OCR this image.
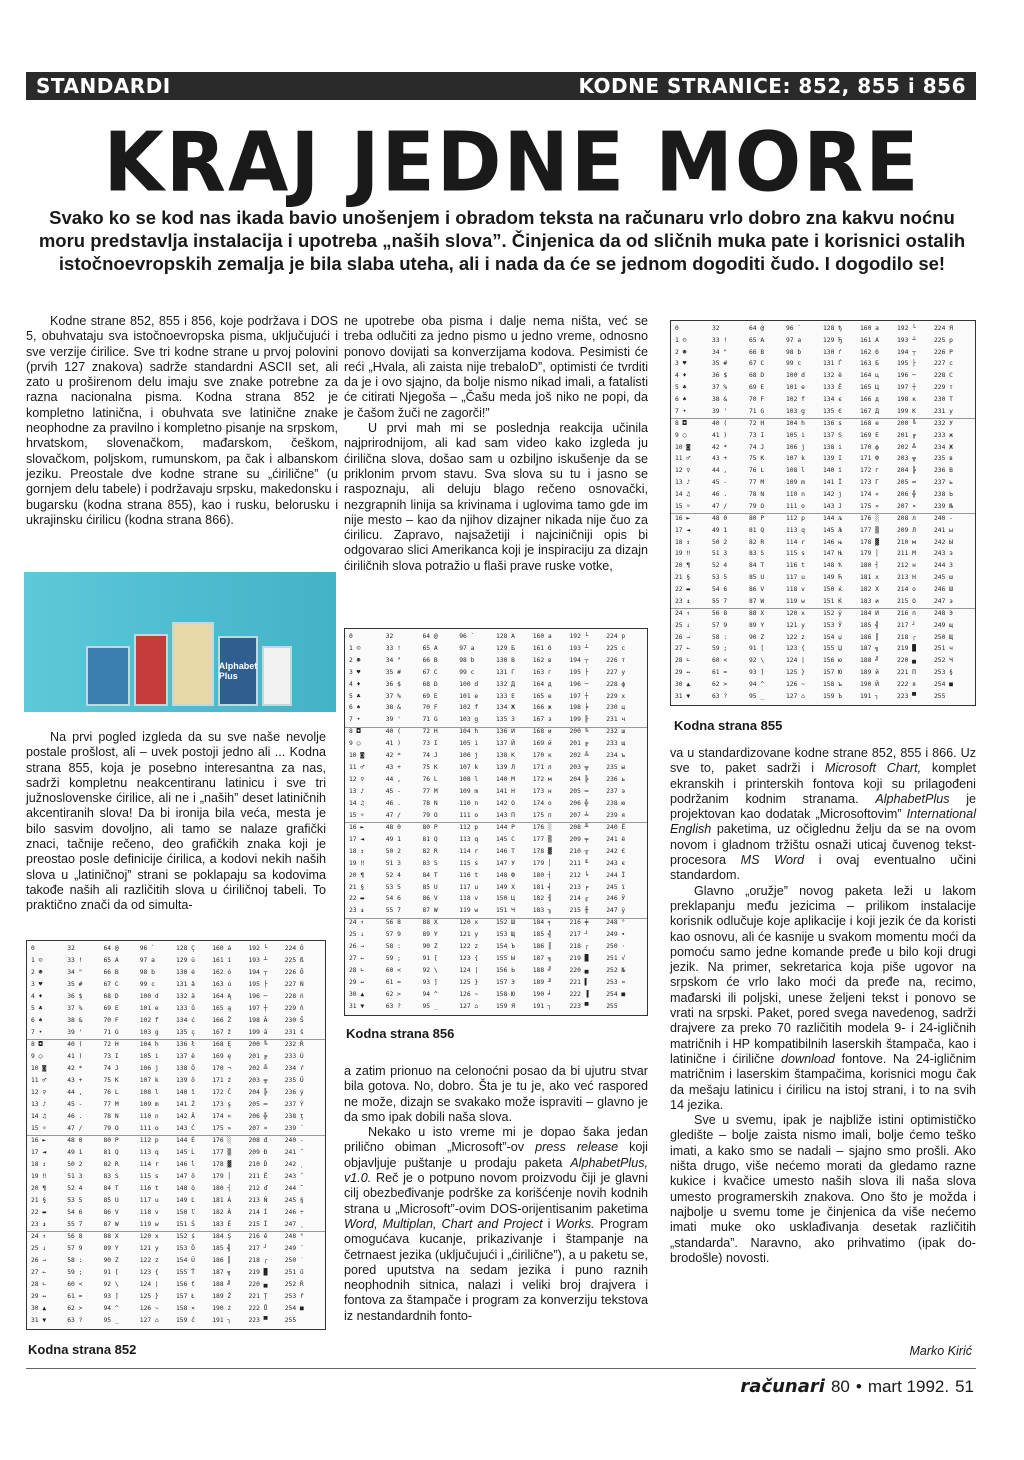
STANDARDI	KODNE STRANICE: 852, 855 i 856
KRAJ JEDNE MORE
Svako ko se kod nas ikada bavio unošenjem i obradom teksta na računaru vrlo dobro zna kakvu noćnu moru predstavlja instalacija i upotreba „naših slova”. Činjenica da od sličnih muka pate i korisnici ostalih istočnoevropskih zemalja je bila slaba uteha, ali i nada da će se jednom dogoditi čudo. I dogodilo se!

Kodne strane 852, 855 i 856, koje podržava i DOS 5, obuhvataju sva istočnoevropska pisma, uključujući i sve verzije ćirilice. Sve tri kodne strane u prvoj polovini (prvih 127 znakova) sadrže standardni ASCII set, ali zato u proširenom delu imaju sve znake potrebne za razna nacionalna pisma. Kodna strana 852 je kompletno latinična, i obuhvata sve latinične znake neophodne za pravilno i kompletno pisanje na srpskom, hrvatskom, slovenačkom, mađarskom, češkom, slovačkom, poljskom, rumunskom, pa čak i albanskom jeziku. Preostale dve kodne strane su „ćirilične” (u gornjem delu tabele) i podržavaju srpsku, makedonsku i bugarsku (kodna strana 855), kao i rusku, belorusku i ukrajinsku ćirilicu (kodna strana 866).

Alphabet Plus

Na prvi pogled izgleda da su sve naše nevolje postale prošlost, ali – uvek postoji jedno ali ... Kodna strana 855, koja je posebno interesantna za nas, sadrži kompletnu neakcentiranu latinicu i sve tri južnoslovenske ćirilice, ali ne i „naših” deset latiničnih akcentiranih slova! Da bi ironija bila veća, mesta je bilo sasvim dovoljno, ali tamo se nalaze grafički znaci, tačnije rečeno, deo grafičkih znaka koji je preostao posle definicije ćirilica, a kodovi nekih naših slova u „latiničnoj” strani se poklapaju sa kodovima takođe naših ali različitih slova u ćiriličnoj tabeli. To praktično znači da od simulta-

ne upotrebe oba pisma i dalje nema ništa, već se treba odlučiti za jedno pismo u jedno vreme, odnosno ponovo dovijati sa konverzijama kodova. Pesimisti će reći „Hvala, ali zaista nije trebaloD”, optimisti će tvrditi da je i ovo sjajno, da bolje nismo nikad imali, a fatalisti će citirati Njegoša – „Čašu meda još niko ne popi, da je čašom žuči ne zagorči!”

U prvi mah mi se poslednja reakcija učinila najprirodnijom, ali kad sam video kako izgleda ju ćirilična slova, došao sam u ozbiljno iskušenje da se priklonim prvom stavu. Sva slova su tu i jasno se raspoznaju, ali deluju blago rečeno osnovački, nezgrapnih linija sa krivinama i uglovima tamo gde im nije mesto – kao da njihov dizajner nikada nije čuo za ćirilicu. Zapravo, najsažetiji i najciničniji opis bi odgovarao slici Amerikanca koji je inspiraciju za dizajn ćiriličnih slova potražio u flaši prave ruske votke,

a zatim prionuo na celonoćni posao da bi ujutru stvar bila gotova. No, dobro. Šta je tu je, ako već raspored ne može, dizajn se svakako može ispraviti – glavno je da smo ipak dobili naša slova.

Nekako u isto vreme mi je dopao šaka jedan prilično obiman „Microsoft”-ov press release koji objavljuje puštanje u prodaju paketa AlphabetPlus, v1.0. Reč je o potpuno novom proizvodu čiji je glavni cilj obezbeđivanje podrške za korišćenje novih kodnih strana u „Microsoft”-ovim DOS-orijentisanim paketima Word, Multiplan, Chart and Project i Works. Program omogućava kucanje, prikazivanje i štampanje na četrnaest jezika (uključujući i „ćirilične”), a u paketu se, pored uputstva na sedam jezika i puno raznih neophodnih sitnica, nalazi i veliki broj drajvera i fontova za štampače i program za konverziju tekstova iz nestandardnih fonto-

va u standardizovane kodne strane 852, 855 i 866. Uz sve to, paket sadrži i Microsoft Chart, komplet ekranskih i printerskih fontova koji su prilagođeni podržanim kodnim stranama. AlphabetPlus je projektovan kao dodatak „Microsoftovim” International English paketima, uz očiglednu želju da se na ovom novom i gladnom tržištu osnaži uticaj čuvenog tekst-procesora MS Word i ovaj eventualno učini standardom.

Glavno „oružje” novog paketa leži u lakom preklapanju među jezicima – prilikom instalacije korisnik odlučuje koje aplikacije i koji jezik će da koristi kao osnovu, ali će kasnije u svakom momentu moći da pomoću samo jedne komande pređe u bilo koji drugi jezik. Na primer, sekretarica koja piše ugovor na srpskom će vrlo lako moći da pređe na, recimo, mađarski ili poljski, unese željeni tekst i ponovo se vrati na srpski. Paket, pored svega navedenog, sadrži drajvere za preko 70 različitih modela 9- i 24-igličnih matričnih i HP kompatibilnih laserskih štampača, kao i latinične i ćirilične download fontove. Na 24-igličnim matričnim i laserskim štampačima, korisnici mogu čak da mešaju latinicu i ćirilicu na istoj strani, i to na svih 14 jezika.

Sve u svemu, ipak je najbliže istini optimističko gledište – bolje zaista nismo imali, bolje ćemo teško imati, a kako smo se nadali – sjajno smo prošli. Ako ništa drugo, više nećemo morati da gledamo razne kukice i kvačice umesto naših slova ili naša slova umesto programerskih znakova. Ono što je možda i najbolje u svemu tome je činjenica da više nećemo imati muke oko usklađivanja desetak različitih „standarda”. Naravno, ako prihvatimo (ipak do-brodošle) novosti.

0	32	64 @	96 `	128 ђ	160 а	192 └	224 Я
1 ☺	33 !	65 A	97 a	129 Ђ	161 А	193 ┴	225 р
2 ☻	34 "	66 B	98 b	130 ѓ	162 б	194 ┬	226 Р
3 ♥	35 #	67 C	99 c	131 Ѓ	163 Б	195 ├	227 с
4 ♦	36 $	68 D	100 d	132 ё	164 ц	196 ─	228 С
5 ♣	37 %	69 E	101 e	133 Ё	165 Ц	197 ┼	229 т
6 ♠	38 &	70 F	102 f	134 є	166 д	198 к	230 Т
7 •	39 '	71 G	103 g	135 Є	167 Д	199 К	231 у
8 ◘	40 (	72 H	104 h	136 ѕ	168 е	200 ╚	232 У
9 ○	41 )	73 I	105 i	137 Ѕ	169 Е	201 ╔	233 ж
10 ◙	42 *	74 J	106 j	138 і	170 ф	202 ╩	234 Ж
11 ♂	43 +	75 K	107 k	139 І	171 Ф	203 ╦	235 в
12 ♀	44 ,	76 L	108 l	140 ї	172 г	204 ╠	236 В
13 ♪	45 -	77 M	109 m	141 Ї	173 Г	205 ═	237 ь
14 ♫	46 .	78 N	110 n	142 ј	174 «	206 ╬	238 Ь
15 ☼	47 /	79 O	111 o	143 Ј	175 »	207 ¤	239 №
16 ►	48 0	80 P	112 p	144 љ	176 ░	208 л	240 -
17 ◄	49 1	81 Q	113 q	145 Љ	177 ▒	209 Л	241 ы
18 ↕	50 2	82 R	114 r	146 њ	178 ▓	210 м	242 Ы
19 ‼	51 3	83 S	115 s	147 Њ	179 │	211 М	243 з
20 ¶	52 4	84 T	116 t	148 ћ	180 ┤	212 н	244 З
21 §	53 5	85 U	117 u	149 Ћ	181 х	213 Н	245 ш
22 ▬	54 6	86 V	118 v	150 ќ	182 Х	214 о	246 Ш
23 ↨	55 7	87 W	119 w	151 Ќ	183 и	215 О	247 э
24 ↑	56 8	88 X	120 x	152 ў	184 И	216 п	248 Э
25 ↓	57 9	89 Y	121 y	153 Ў	185 ╣	217 ┘	249 щ
26 →	58 :	90 Z	122 z	154 џ	186 ║	218 ┌	250 Щ
27 ←	59 ;	91 [	123 {	155 Џ	187 ╗	219 █	251 ч
28 ∟	60 <	92 \	124 |	156 ю	188 ╝	220 ▄	252 Ч
29 ↔	61 =	93 ]	125 }	157 Ю	189 й	221 П	253 §
30 ▲	62 >	94 ^	126 ~	158 ъ	190 Й	222 я	254 ■
31 ▼	63 ?	95 _	127 ⌂	159 Ъ	191 ┐	223 ▀	255
Kodna strana 855
0	32	64 @	96 `	128 А	160 а	192 └	224 р
1 ☺	33 !	65 A	97 a	129 Б	161 б	193 ┴	225 с
2 ☻	34 "	66 B	98 b	130 В	162 в	194 ┬	226 т
3 ♥	35 #	67 C	99 c	131 Г	163 г	195 ├	227 у
4 ♦	36 $	68 D	100 d	132 Д	164 д	196 ─	228 ф
5 ♣	37 %	69 E	101 e	133 Е	165 е	197 ┼	229 х
6 ♠	38 &	70 F	102 f	134 Ж	166 ж	198 ╞	230 ц
7 •	39 '	71 G	103 g	135 З	167 з	199 ╟	231 ч
8 ◘	40 (	72 H	104 h	136 И	168 и	200 ╚	232 ш
9 ○	41 )	73 I	105 i	137 Й	169 й	201 ╔	233 щ
10 ◙	42 *	74 J	106 j	138 К	170 к	202 ╩	234 ъ
11 ♂	43 +	75 K	107 k	139 Л	171 л	203 ╦	235 ы
12 ♀	44 ,	76 L	108 l	140 М	172 м	204 ╠	236 ь
13 ♪	45 -	77 M	109 m	141 Н	173 н	205 ═	237 э
14 ♫	46 .	78 N	110 n	142 О	174 о	206 ╬	238 ю
15 ☼	47 /	79 O	111 o	143 П	175 п	207 ╧	239 я
16 ►	48 0	80 P	112 p	144 Р	176 ░	208 ╨	240 Ё
17 ◄	49 1	81 Q	113 q	145 С	177 ▒	209 ╤	241 ё
18 ↕	50 2	82 R	114 r	146 Т	178 ▓	210 ╥	242 Є
19 ‼	51 3	83 S	115 s	147 У	179 │	211 ╙	243 є
20 ¶	52 4	84 T	116 t	148 Ф	180 ┤	212 ╘	244 Ї
21 §	53 5	85 U	117 u	149 Х	181 ╡	213 ╒	245 ї
22 ▬	54 6	86 V	118 v	150 Ц	182 ╢	214 ╓	246 Ў
23 ↨	55 7	87 W	119 w	151 Ч	183 ╖	215 ╫	247 ў
24 ↑	56 8	88 X	120 x	152 Ш	184 ╕	216 ╪	248 °
25 ↓	57 9	89 Y	121 y	153 Щ	185 ╣	217 ┘	249 ∙
26 →	58 :	90 Z	122 z	154 Ъ	186 ║	218 ┌	250 ·
27 ←	59 ;	91 [	123 {	155 Ы	187 ╗	219 █	251 √
28 ∟	60 <	92 \	124 |	156 Ь	188 ╝	220 ▄	252 №
29 ↔	61 =	93 ]	125 }	157 Э	189 ╜	221 ▌	253 ¤
30 ▲	62 >	94 ^	126 ~	158 Ю	190 ╛	222 ▐	254 ■
31 ▼	63 ?	95 _	127 ⌂	159 Я	191 ┐	223 ▀	255
Kodna strana 856
0	32	64 @	96 `	128 Ç	160 á	192 └	224 Ó
1 ☺	33 !	65 A	97 a	129 ü	161 í	193 ┴	225 ß
2 ☻	34 "	66 B	98 b	130 é	162 ó	194 ┬	226 Ô
3 ♥	35 #	67 C	99 c	131 â	163 ú	195 ├	227 Ń
4 ♦	36 $	68 D	100 d	132 ä	164 Ą	196 ─	228 ń
5 ♣	37 %	69 E	101 e	133 ů	165 ą	197 ┼	229 ň
6 ♠	38 &	70 F	102 f	134 ć	166 Ž	198 Ă	230 Š
7 •	39 '	71 G	103 g	135 ç	167 ž	199 ă	231 š
8 ◘	40 (	72 H	104 h	136 ł	168 Ę	200 ╚	232 Ŕ
9 ○	41 )	73 I	105 i	137 ë	169 ę	201 ╔	233 Ú
10 ◙	42 *	74 J	106 j	138 Ő	170 ¬	202 ╩	234 ŕ
11 ♂	43 +	75 K	107 k	139 ő	171 ź	203 ╦	235 Ű
12 ♀	44 ,	76 L	108 l	140 î	172 Č	204 ╠	236 ý
13 ♪	45 -	77 M	109 m	141 Ź	173 ş	205 ═	237 Ý
14 ♫	46 .	78 N	110 n	142 Ä	174 «	206 ╬	238 ţ
15 ☼	47 /	79 O	111 o	143 Ć	175 »	207 ¤	239 ´
16 ►	48 0	80 P	112 p	144 É	176 ░	208 đ	240 -
17 ◄	49 1	81 Q	113 q	145 Ĺ	177 ▒	209 Đ	241 ˝
18 ↕	50 2	82 R	114 r	146 ĺ	178 ▓	210 Ď	242 ˛
19 ‼	51 3	83 S	115 s	147 ô	179 │	211 Ë	243 ˇ
20 ¶	52 4	84 T	116 t	148 ö	180 ┤	212 ď	244 ˘
21 §	53 5	85 U	117 u	149 Ľ	181 Á	213 Ň	245 §
22 ▬	54 6	86 V	118 v	150 ľ	182 Â	214 Í	246 ÷
23 ↨	55 7	87 W	119 w	151 Ś	183 Ě	215 Î	247 ¸
24 ↑	56 8	88 X	120 x	152 ś	184 Ş	216 ě	248 °
25 ↓	57 9	89 Y	121 y	153 Ö	185 ╣	217 ┘	249 ¨
26 →	58 :	90 Z	122 z	154 Ü	186 ║	218 ┌	250 ˙
27 ←	59 ;	91 [	123 {	155 Ť	187 ╗	219 █	251 ű
28 ∟	60 <	92 \	124 |	156 ť	188 ╝	220 ▄	252 Ř
29 ↔	61 =	93 ]	125 }	157 Ł	189 Ż	221 Ţ	253 ř
30 ▲	62 >	94 ^	126 ~	158 ×	190 ż	222 Ů	254 ■
31 ▼	63 ?	95 _	127 ⌂	159 č	191 ┐	223 ▀	255
Kodna strana 852	Marko Kirić
računari 80 • mart 1992. 51
